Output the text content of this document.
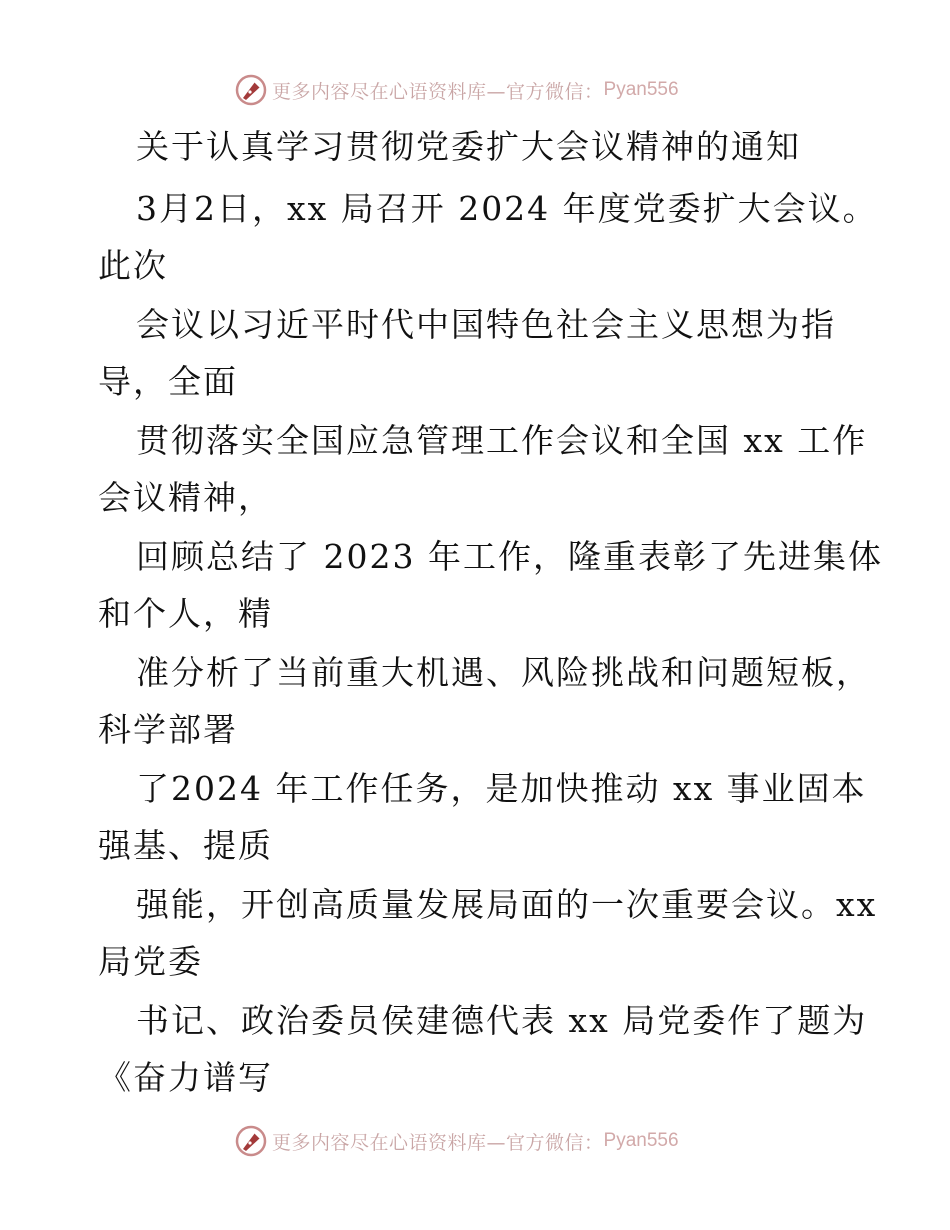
更多内容尽在心语资料库—官方微信： Pyan556
关于认真学习贯彻党委扩大会议精神的通知
3月2日，xx 局召开 2024 年度党委扩大会议。
此次
会议以习近平时代中国特色社会主义思想为指
导，全面
贯彻落实全国应急管理工作会议和全国 xx 工作
会议精神，
回顾总结了 2023 年工作，隆重表彰了先进集体
和个人，精
准分析了当前重大机遇、风险挑战和问题短板，
科学部署
了2024 年工作任务，是加快推动 xx 事业固本
强基、提质
强能，开创高质量发展局面的一次重要会议。xx
局党委
书记、政治委员侯建德代表 xx 局党委作了题为
《奋力谱写
更多内容尽在心语资料库—官方微信： Pyan556
